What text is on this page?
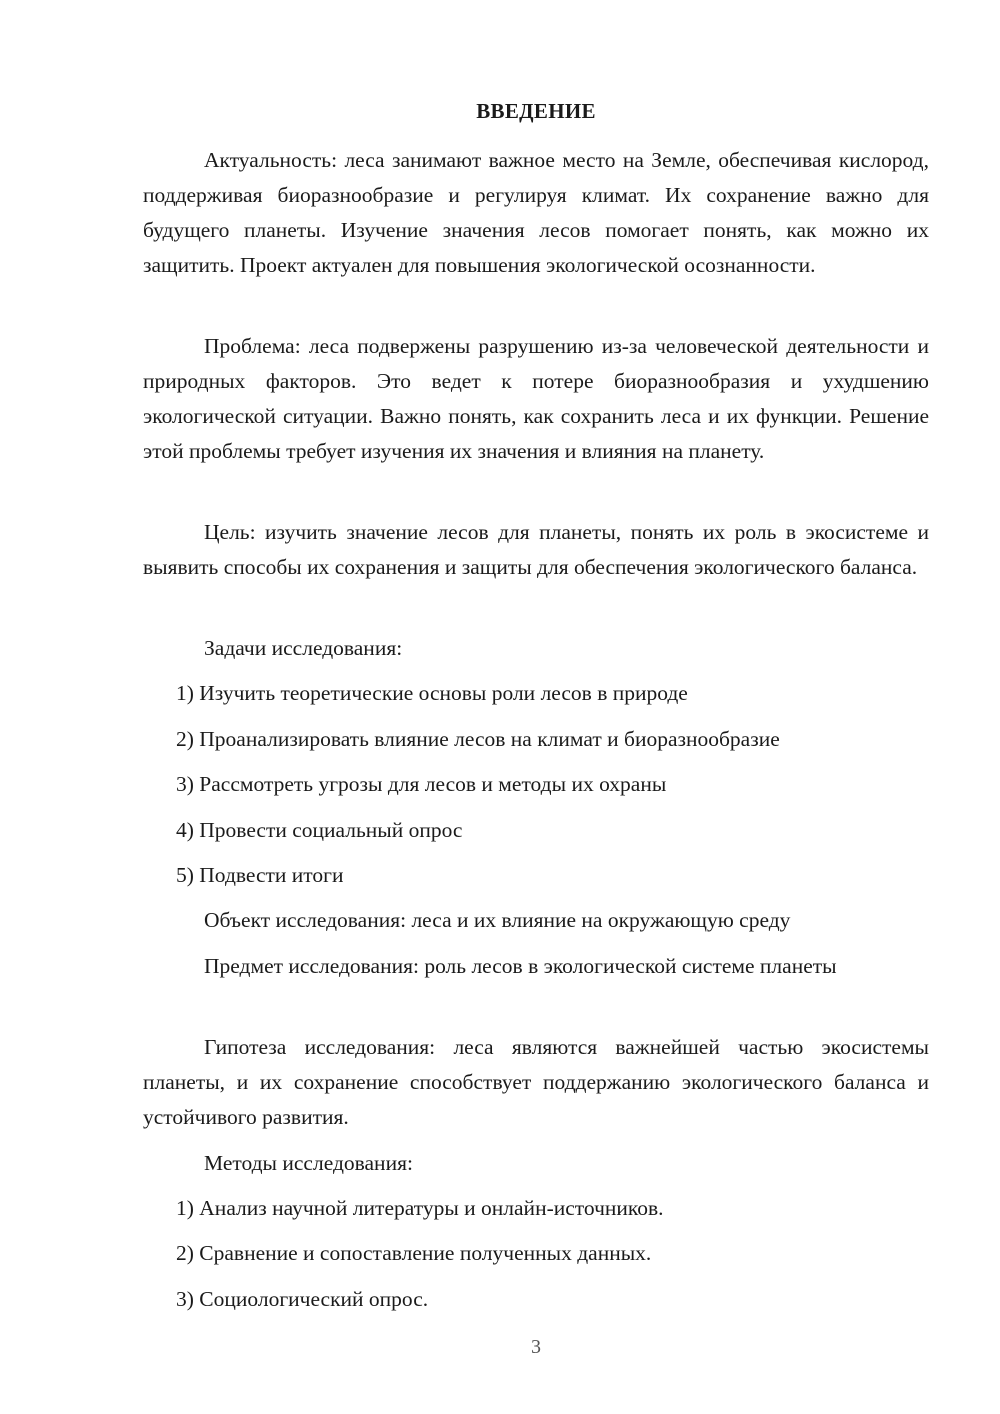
ВВЕДЕНИЕ

Актуальность: леса занимают важное место на Земле, обеспечивая кислород, поддерживая биоразнообразие и регулируя климат. Их сохранение важно для будущего планеты. Изучение значения лесов помогает понять, как можно их защитить. Проект актуален для повышения экологической осознанности.

Проблема: леса подвержены разрушению из-за человеческой деятельности и природных факторов. Это ведет к потере биоразнообразия и ухудшению экологической ситуации. Важно понять, как сохранить леса и их функции. Решение этой проблемы требует изучения их значения и влияния на планету.

Цель: изучить значение лесов для планеты, понять их роль в экосистеме и выявить способы их сохранения и защиты для обеспечения экологического баланса.

Задачи исследования:
1) Изучить теоретические основы роли лесов в природе
2) Проанализировать влияние лесов на климат и биоразнообразие
3) Рассмотреть угрозы для лесов и методы их охраны
4) Провести социальный опрос
5) Подвести итоги
Объект исследования: леса и их влияние на окружающую среду

Предмет исследования: роль лесов в экологической системе планеты

Гипотеза исследования: леса являются важнейшей частью экосистемы планеты, и их сохранение способствует поддержанию экологического баланса и устойчивого развития.

Методы исследования:
1) Анализ научной литературы и онлайн-источников.
2) Сравнение и сопоставление полученных данных.
3) Социологический опрос.
3
